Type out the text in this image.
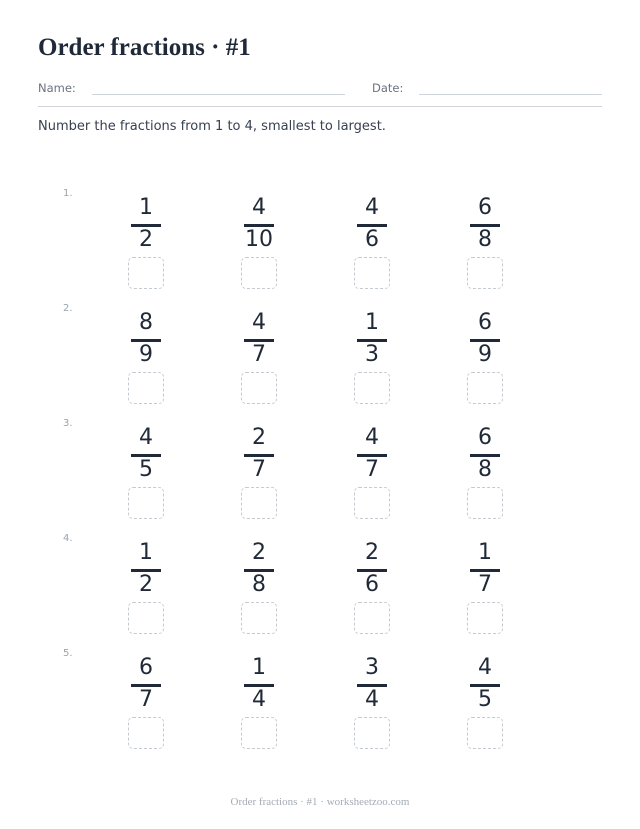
Order fractions · #1
Name:	Date:
Number the fractions from 1 to 4, smallest to largest.
1.
1
2
4
10
4
6
6
8
2.
8
9
4
7
1
3
6
9
3.
4
5
2
7
4
7
6
8
4.
1
2
2
8
2
6
1
7
5.
6
7
1
4
3
4
4
5
Order fractions · #1 · worksheetzoo.com
